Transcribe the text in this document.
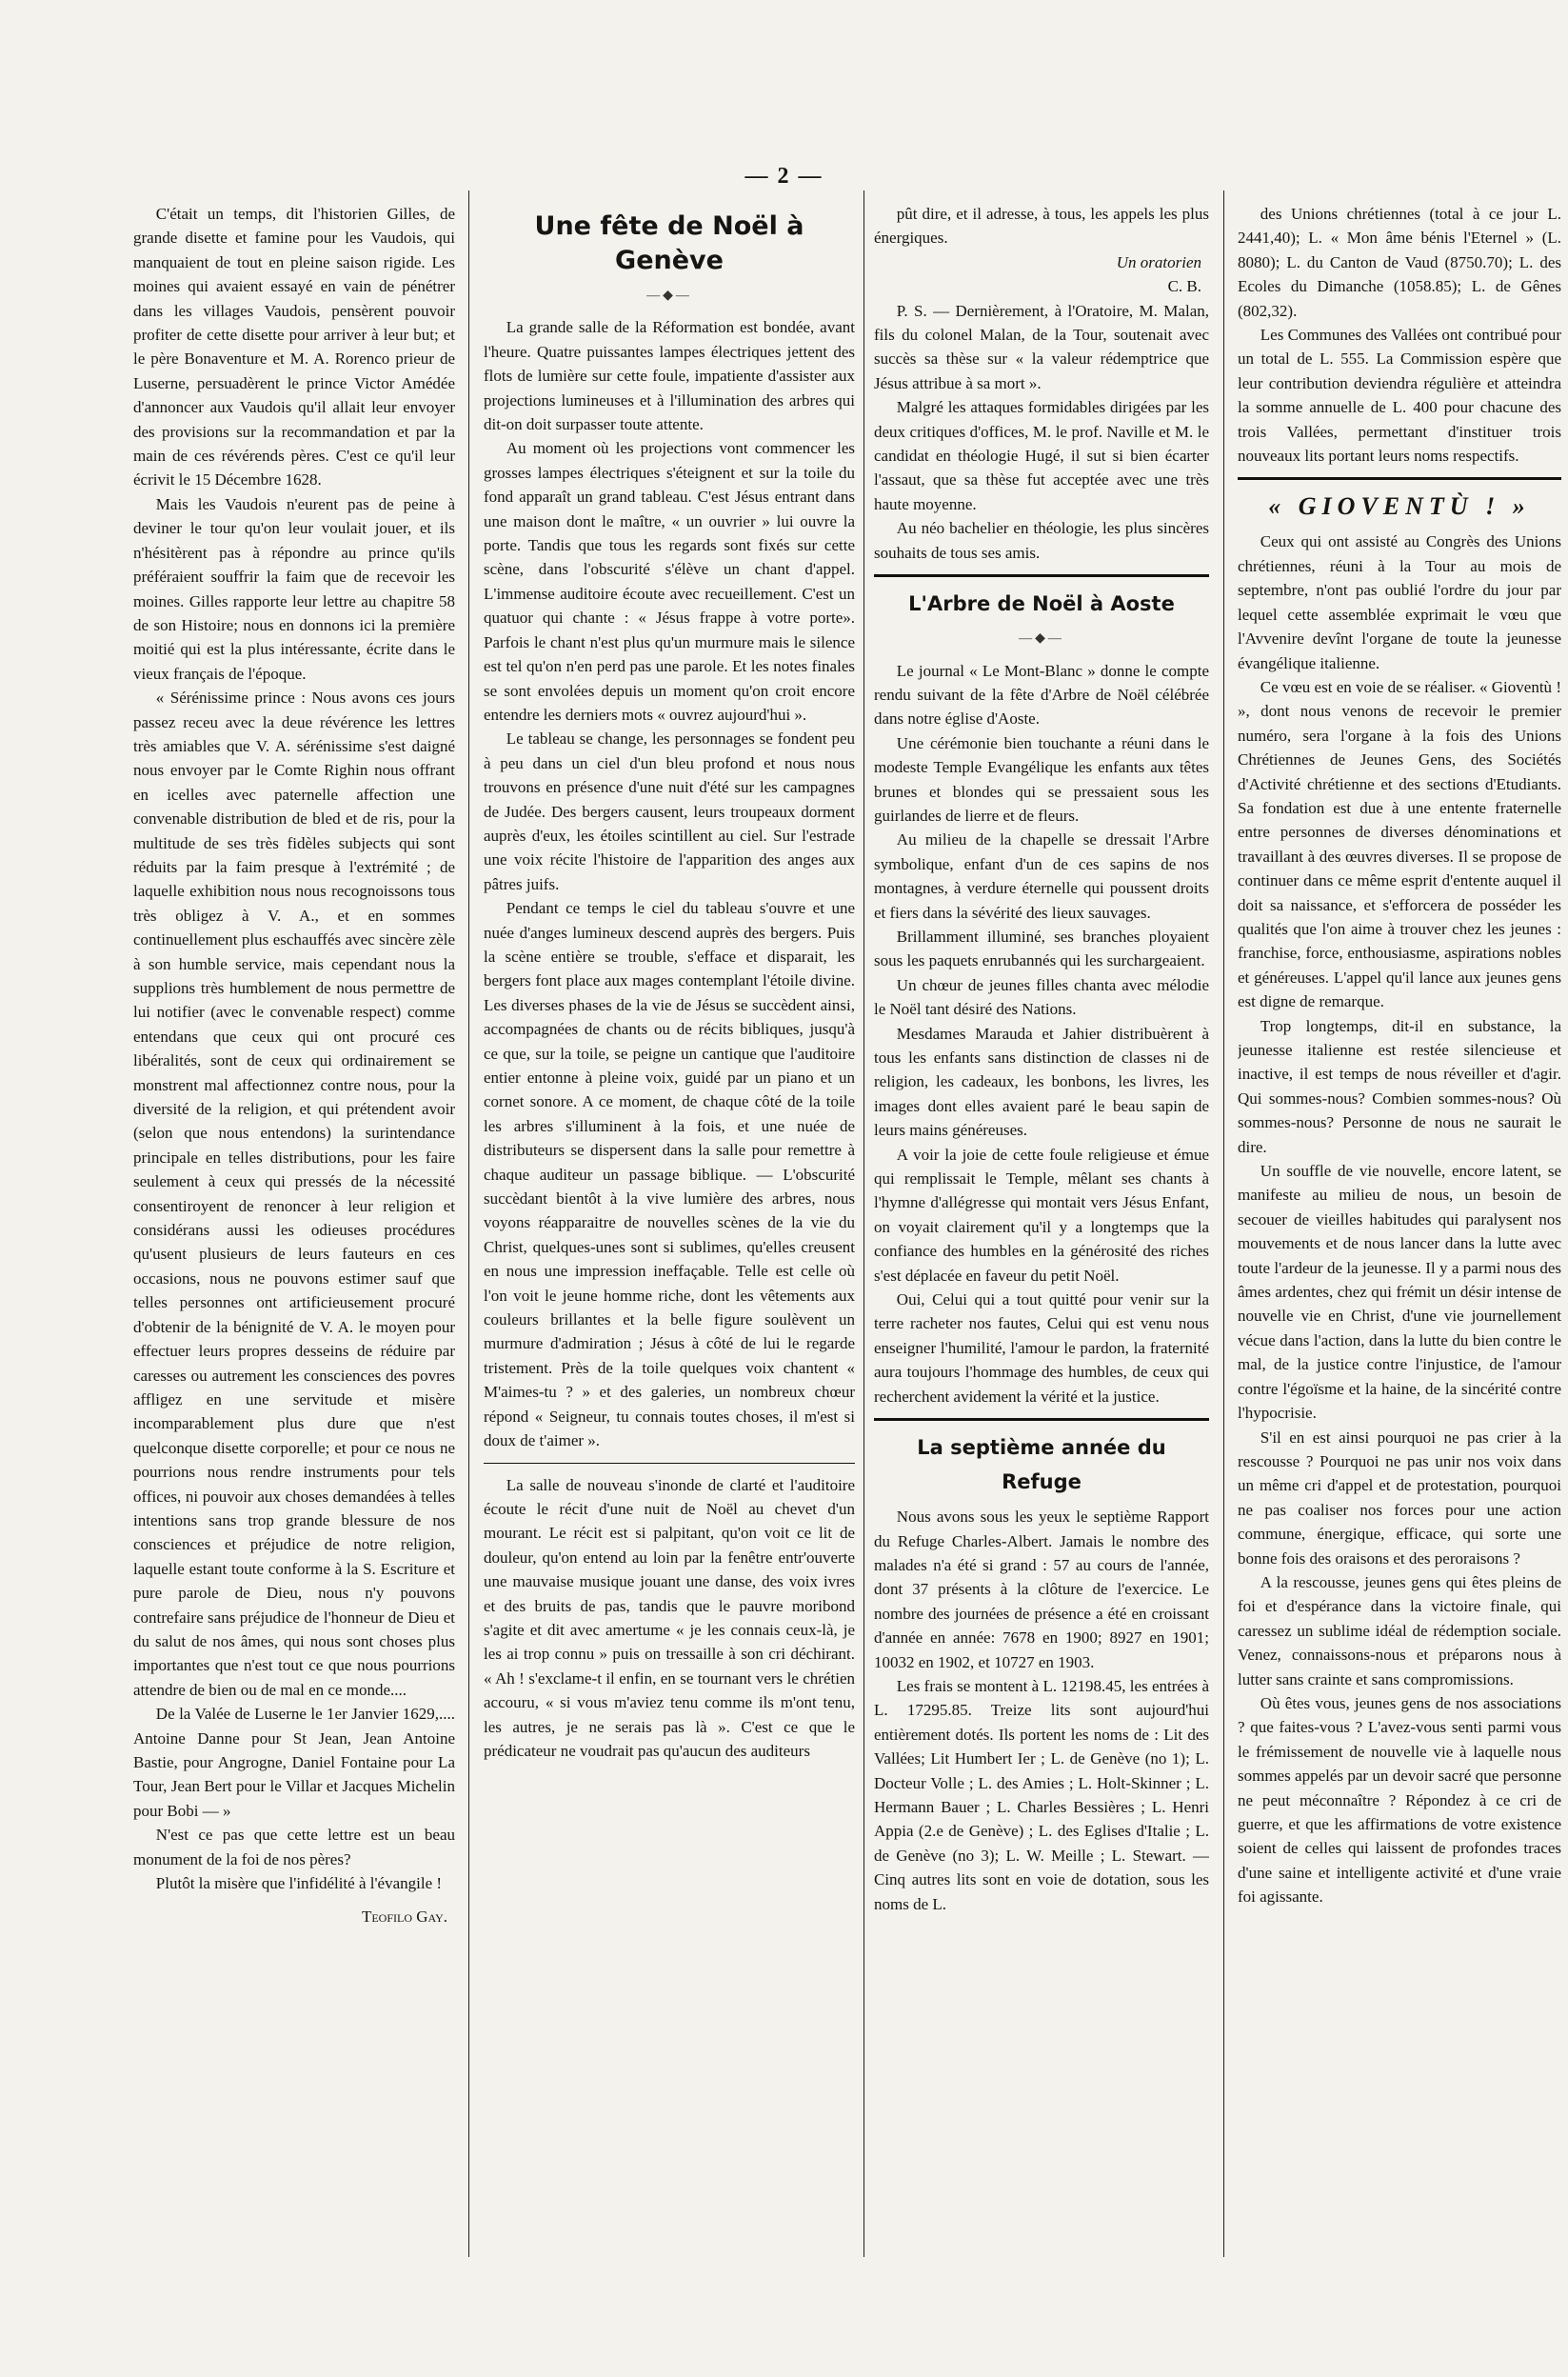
— 2 —

C'était un temps, dit l'historien Gilles, de grande disette et famine pour les Vaudois, qui manquaient de tout en pleine saison rigide. Les moines qui avaient essayé en vain de pénétrer dans les villages Vaudois, pensèrent pouvoir profiter de cette disette pour arriver à leur but; et le père Bonaventure et M. A. Rorenco prieur de Luserne, persuadèrent le prince Victor Amédée d'annoncer aux Vaudois qu'il allait leur envoyer des provisions sur la recommandation et par la main de ces révérends pères. C'est ce qu'il leur écrivit le 15 Décembre 1628.

Mais les Vaudois n'eurent pas de peine à deviner le tour qu'on leur voulait jouer, et ils n'hésitèrent pas à répondre au prince qu'ils préféraient souffrir la faim que de recevoir les moines. Gilles rapporte leur lettre au chapitre 58 de son Histoire; nous en donnons ici la première moitié qui est la plus intéressante, écrite dans le vieux français de l'époque.

« Sérénissime prince : Nous avons ces jours passez receu avec la deue révérence les lettres très amiables que V. A. sérénissime s'est daigné nous envoyer par le Comte Righin nous offrant en icelles avec paternelle affection une convenable distribution de bled et de ris, pour la multitude de ses très fidèles subjects qui sont réduits par la faim presque à l'extrémité ; de laquelle exhibition nous nous recognoissons tous très obligez à V. A., et en sommes continuellement plus eschauffés avec sincère zèle à son humble service, mais cependant nous la supplions très humblement de nous permettre de lui notifier (avec le convenable respect) comme entendans que ceux qui ont procuré ces libéralités, sont de ceux qui ordinairement se monstrent mal affectionnez contre nous, pour la diversité de la religion, et qui prétendent avoir (selon que nous entendons) la surintendance principale en telles distributions, pour les faire seulement à ceux qui pressés de la nécessité consentiroyent de renoncer à leur religion et considérans aussi les odieuses procédures qu'usent plusieurs de leurs fauteurs en ces occasions, nous ne pouvons estimer sauf que telles personnes ont artificieusement procuré d'obtenir de la bénignité de V. A. le moyen pour effectuer leurs propres desseins de réduire par caresses ou autrement les consciences des povres affligez en une servitude et misère incomparablement plus dure que n'est quelconque disette corporelle; et pour ce nous ne pourrions nous rendre instruments pour tels offices, ni pouvoir aux choses demandées à telles intentions sans trop grande blessure de nos consciences et préjudice de notre religion, laquelle estant toute conforme à la S. Escriture et pure parole de Dieu, nous n'y pouvons contrefaire sans préjudice de l'honneur de Dieu et du salut de nos âmes, qui nous sont choses plus importantes que n'est tout ce que nous pourrions attendre de bien ou de mal en ce monde....

De la Valée de Luserne le 1er Janvier 1629,.... Antoine Danne pour St Jean, Jean Antoine Bastie, pour Angrogne, Daniel Fontaine pour La Tour, Jean Bert pour le Villar et Jacques Michelin pour Bobi — »

N'est ce pas que cette lettre est un beau monument de la foi de nos pères?

Plutôt la misère que l'infidélité à l'évangile !

Teofilo Gay.
Une fête de Noël à Genève
—◆—

La grande salle de la Réformation est bondée, avant l'heure. Quatre puissantes lampes électriques jettent des flots de lumière sur cette foule, impatiente d'assister aux projections lumineuses et à l'illumination des arbres qui dit-on doit surpasser toute attente.

Au moment où les projections vont commencer les grosses lampes électriques s'éteignent et sur la toile du fond apparaît un grand tableau. C'est Jésus entrant dans une maison dont le maître, « un ouvrier » lui ouvre la porte. Tandis que tous les regards sont fixés sur cette scène, dans l'obscurité s'élève un chant d'appel. L'immense auditoire écoute avec recueillement. C'est un quatuor qui chante : « Jésus frappe à votre porte». Parfois le chant n'est plus qu'un murmure mais le silence est tel qu'on n'en perd pas une parole. Et les notes finales se sont envolées depuis un moment qu'on croit encore entendre les derniers mots « ouvrez aujourd'hui ».

Le tableau se change, les personnages se fondent peu à peu dans un ciel d'un bleu profond et nous nous trouvons en présence d'une nuit d'été sur les campagnes de Judée. Des bergers causent, leurs troupeaux dorment auprès d'eux, les étoiles scintillent au ciel. Sur l'estrade une voix récite l'histoire de l'apparition des anges aux pâtres juifs.

Pendant ce temps le ciel du tableau s'ouvre et une nuée d'anges lumineux descend auprès des bergers. Puis la scène entière se trouble, s'efface et disparait, les bergers font place aux mages contemplant l'étoile divine. Les diverses phases de la vie de Jésus se succèdent ainsi, accompagnées de chants ou de récits bibliques, jusqu'à ce que, sur la toile, se peigne un cantique que l'auditoire entier entonne à pleine voix, guidé par un piano et un cornet sonore. A ce moment, de chaque côté de la toile les arbres s'illuminent à la fois, et une nuée de distributeurs se dispersent dans la salle pour remettre à chaque auditeur un passage biblique. — L'obscurité succèdant bientôt à la vive lumière des arbres, nous voyons réapparaitre de nouvelles scènes de la vie du Christ, quelques-unes sont si sublimes, qu'elles creusent en nous une impression ineffaçable. Telle est celle où l'on voit le jeune homme riche, dont les vêtements aux couleurs brillantes et la belle figure soulèvent un murmure d'admiration ; Jésus à côté de lui le regarde tristement. Près de la toile quelques voix chantent « M'aimes-tu ? » et des galeries, un nombreux chœur répond « Seigneur, tu connais toutes choses, il m'est si doux de t'aimer ».

La salle de nouveau s'inonde de clarté et l'auditoire écoute le récit d'une nuit de Noël au chevet d'un mourant. Le récit est si palpitant, qu'on voit ce lit de douleur, qu'on entend au loin par la fenêtre entr'ouverte une mauvaise musique jouant une danse, des voix ivres et des bruits de pas, tandis que le pauvre moribond s'agite et dit avec amertume « je les connais ceux-là, je les ai trop connu » puis on tressaille à son cri déchirant. « Ah ! s'exclame-t il enfin, en se tournant vers le chrétien accouru, « si vous m'aviez tenu comme ils m'ont tenu, les autres, je ne serais pas là ». C'est ce que le prédicateur ne voudrait pas qu'aucun des auditeurs

pût dire, et il adresse, à tous, les appels les plus énergiques.

Un oratorien
C. B.

P. S. — Dernièrement, à l'Oratoire, M. Malan, fils du colonel Malan, de la Tour, soutenait avec succès sa thèse sur « la valeur rédemptrice que Jésus attribue à sa mort ».

Malgré les attaques formidables dirigées par les deux critiques d'offices, M. le prof. Naville et M. le candidat en théologie Hugé, il sut si bien écarter l'assaut, que sa thèse fut acceptée avec une très haute moyenne.

Au néo bachelier en théologie, les plus sincères souhaits de tous ses amis.

L'Arbre de Noël à Aoste
—◆—

Le journal « Le Mont-Blanc » donne le compte rendu suivant de la fête d'Arbre de Noël célébrée dans notre église d'Aoste.

Une cérémonie bien touchante a réuni dans le modeste Temple Evangélique les enfants aux têtes brunes et blondes qui se pressaient sous les guirlandes de lierre et de fleurs.

Au milieu de la chapelle se dressait l'Arbre symbolique, enfant d'un de ces sapins de nos montagnes, à verdure éternelle qui poussent droits et fiers dans la sévérité des lieux sauvages.

Brillamment illuminé, ses branches ployaient sous les paquets enrubannés qui les surchargeaient.

Un chœur de jeunes filles chanta avec mélodie le Noël tant désiré des Nations.

Mesdames Marauda et Jahier distribuèrent à tous les enfants sans distinction de classes ni de religion, les cadeaux, les bonbons, les livres, les images dont elles avaient paré le beau sapin de leurs mains généreuses.

A voir la joie de cette foule religieuse et émue qui remplissait le Temple, mêlant ses chants à l'hymne d'allégresse qui montait vers Jésus Enfant, on voyait clairement qu'il y a longtemps que la confiance des humbles en la générosité des riches s'est déplacée en faveur du petit Noël.

Oui, Celui qui a tout quitté pour venir sur la terre racheter nos fautes, Celui qui est venu nous enseigner l'humilité, l'amour le pardon, la fraternité aura toujours l'hommage des humbles, de ceux qui recherchent avidement la vérité et la justice.

La septième année du Refuge

Nous avons sous les yeux le septième Rapport du Refuge Charles-Albert. Jamais le nombre des malades n'a été si grand : 57 au cours de l'année, dont 37 présents à la clôture de l'exercice. Le nombre des journées de présence a été en croissant d'année en année: 7678 en 1900; 8927 en 1901; 10032 en 1902, et 10727 en 1903.

Les frais se montent à L. 12198.45, les entrées à L. 17295.85. Treize lits sont aujourd'hui entièrement dotés. Ils portent les noms de : Lit des Vallées; Lit Humbert Ier ; L. de Genève (no 1); L. Docteur Volle ; L. des Amies ; L. Holt-Skinner ; L. Hermann Bauer ; L. Charles Bessières ; L. Henri Appia (2.e de Genève) ; L. des Eglises d'Italie ; L. de Genève (no 3); L. W. Meille ; L. Stewart. — Cinq autres lits sont en voie de dotation, sous les noms de L.

des Unions chrétiennes (total à ce jour L. 2441,40); L. « Mon âme bénis l'Eternel » (L. 8080); L. du Canton de Vaud (8750.70); L. des Ecoles du Dimanche (1058.85); L. de Gênes (802,32).

Les Communes des Vallées ont contribué pour un total de L. 555. La Commission espère que leur contribution deviendra régulière et atteindra la somme annuelle de L. 400 pour chacune des trois Vallées, permettant d'instituer trois nouveaux lits portant leurs noms respectifs.

« GIOVENTÙ ! »

Ceux qui ont assisté au Congrès des Unions chrétiennes, réuni à la Tour au mois de septembre, n'ont pas oublié l'ordre du jour par lequel cette assemblée exprimait le vœu que l'Avvenire devînt l'organe de toute la jeunesse évangélique italienne.

Ce vœu est en voie de se réaliser. « Gioventù ! », dont nous venons de recevoir le premier numéro, sera l'organe à la fois des Unions Chrétiennes de Jeunes Gens, des Sociétés d'Activité chrétienne et des sections d'Etudiants. Sa fondation est due à une entente fraternelle entre personnes de diverses dénominations et travaillant à des œuvres diverses. Il se propose de continuer dans ce même esprit d'entente auquel il doit sa naissance, et s'efforcera de posséder les qualités que l'on aime à trouver chez les jeunes : franchise, force, enthousiasme, aspirations nobles et généreuses. L'appel qu'il lance aux jeunes gens est digne de remarque.

Trop longtemps, dit-il en substance, la jeunesse italienne est restée silencieuse et inactive, il est temps de nous réveiller et d'agir. Qui sommes-nous? Combien sommes-nous? Où sommes-nous? Personne de nous ne saurait le dire.

Un souffle de vie nouvelle, encore latent, se manifeste au milieu de nous, un besoin de secouer de vieilles habitudes qui paralysent nos mouvements et de nous lancer dans la lutte avec toute l'ardeur de la jeunesse. Il y a parmi nous des âmes ardentes, chez qui frémit un désir intense de nouvelle vie en Christ, d'une vie journellement vécue dans l'action, dans la lutte du bien contre le mal, de la justice contre l'injustice, de l'amour contre l'égoïsme et la haine, de la sincérité contre l'hypocrisie.

S'il en est ainsi pourquoi ne pas crier à la rescousse ? Pourquoi ne pas unir nos voix dans un même cri d'appel et de protestation, pourquoi ne pas coaliser nos forces pour une action commune, énergique, efficace, qui sorte une bonne fois des oraisons et des peroraisons ?

A la rescousse, jeunes gens qui êtes pleins de foi et d'espérance dans la victoire finale, qui caressez un sublime idéal de rédemption sociale. Venez, connaissons-nous et préparons nous à lutter sans crainte et sans compromissions.

Où êtes vous, jeunes gens de nos associations ? que faites-vous ? L'avez-vous senti parmi vous le frémissement de nouvelle vie à laquelle nous sommes appelés par un devoir sacré que personne ne peut méconnaître ? Répondez à ce cri de guerre, et que les affirmations de votre existence soient de celles qui laissent de profondes traces d'une saine et intelligente activité et d'une vraie foi agissante.
